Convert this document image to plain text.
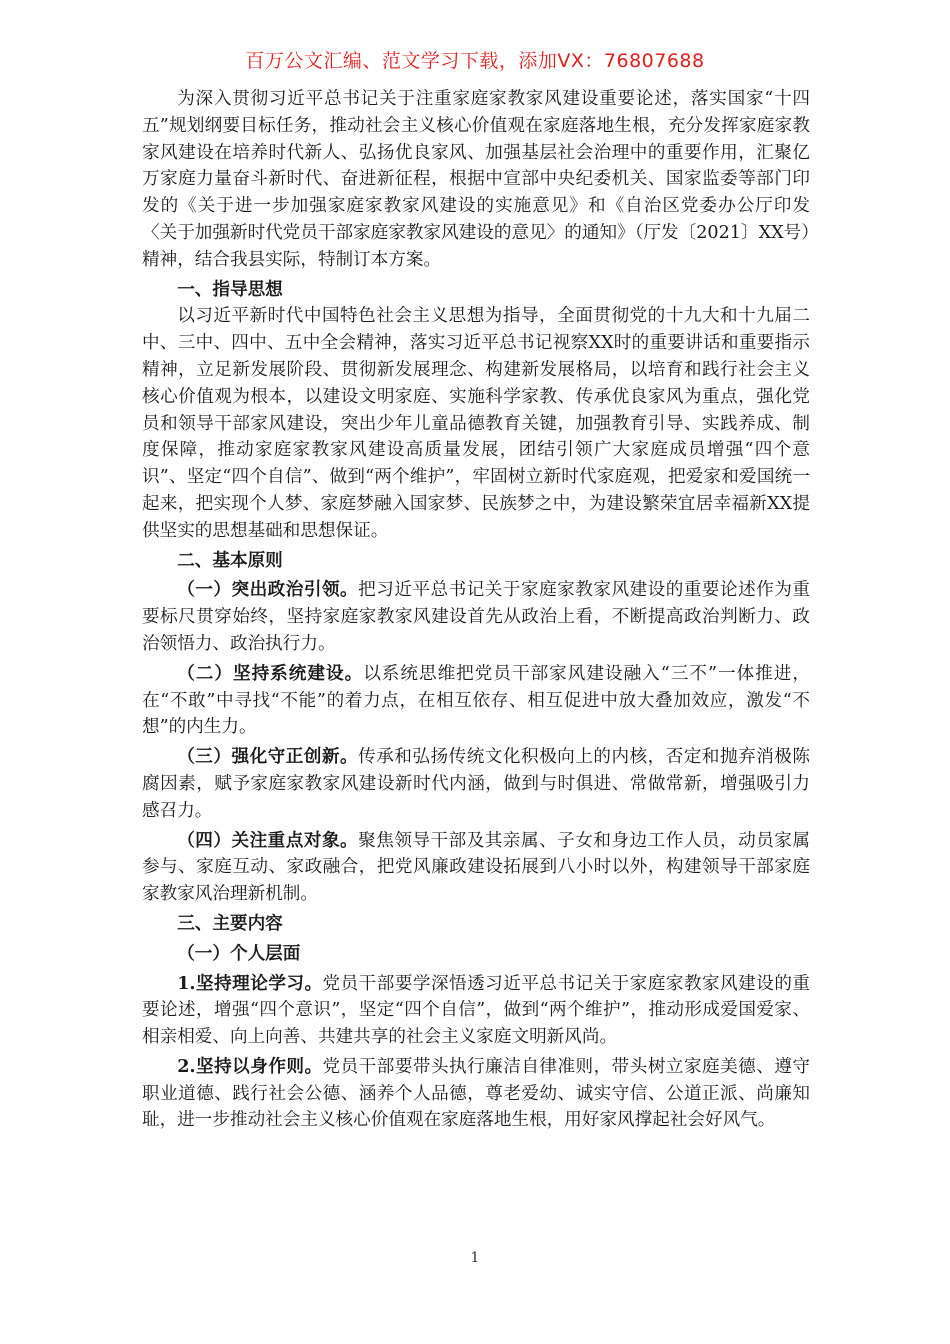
百万公文汇编、范文学习下载，添加VX：76807688

为深入贯彻习近平总书记关于注重家庭家教家风建设重要论述，落实国家“十四五”规划纲要目标任务，推动社会主义核心价值观在家庭落地生根，充分发挥家庭家教家风建设在培养时代新人、弘扬优良家风、加强基层社会治理中的重要作用，汇聚亿万家庭力量奋斗新时代、奋进新征程，根据中宣部中央纪委机关、国家监委等部门印发的《关于进一步加强家庭家教家风建设的实施意见》和《自治区党委办公厅印发〈关于加强新时代党员干部家庭家教家风建设的意见〉的通知》（厅发〔2021〕XX号）精神，结合我县实际，特制订本方案。

一、指导思想

以习近平新时代中国特色社会主义思想为指导，全面贯彻党的十九大和十九届二中、三中、四中、五中全会精神，落实习近平总书记视察XX时的重要讲话和重要指示精神，立足新发展阶段、贯彻新发展理念、构建新发展格局，以培育和践行社会主义核心价值观为根本，以建设文明家庭、实施科学家教、传承优良家风为重点，强化党员和领导干部家风建设，突出少年儿童品德教育关键，加强教育引导、实践养成、制度保障，推动家庭家教家风建设高质量发展，团结引领广大家庭成员增强“四个意识”、坚定“四个自信”、做到“两个维护”，牢固树立新时代家庭观，把爱家和爱国统一起来，把实现个人梦、家庭梦融入国家梦、民族梦之中，为建设繁荣宜居幸福新XX提供坚实的思想基础和思想保证。

二、基本原则

（一）突出政治引领。把习近平总书记关于家庭家教家风建设的重要论述作为重要标尺贯穿始终，坚持家庭家教家风建设首先从政治上看，不断提高政治判断力、政治领悟力、政治执行力。

（二）坚持系统建设。以系统思维把党员干部家风建设融入“三不”一体推进，在“不敢”中寻找“不能”的着力点，在相互依存、相互促进中放大叠加效应，激发“不想”的内生力。

（三）强化守正创新。传承和弘扬传统文化积极向上的内核，否定和抛弃消极陈腐因素，赋予家庭家教家风建设新时代内涵，做到与时俱进、常做常新，增强吸引力感召力。

（四）关注重点对象。聚焦领导干部及其亲属、子女和身边工作人员，动员家属参与、家庭互动、家政融合，把党风廉政建设拓展到八小时以外，构建领导干部家庭家教家风治理新机制。

三、主要内容

（一）个人层面

1.坚持理论学习。党员干部要学深悟透习近平总书记关于家庭家教家风建设的重要论述，增强“四个意识”，坚定“四个自信”，做到“两个维护”，推动形成爱国爱家、相亲相爱、向上向善、共建共享的社会主义家庭文明新风尚。

2.坚持以身作则。党员干部要带头执行廉洁自律准则，带头树立家庭美德、遵守职业道德、践行社会公德、涵养个人品德，尊老爱幼、诚实守信、公道正派、尚廉知耻，进一步推动社会主义核心价值观在家庭落地生根，用好家风撑起社会好风气。

1
